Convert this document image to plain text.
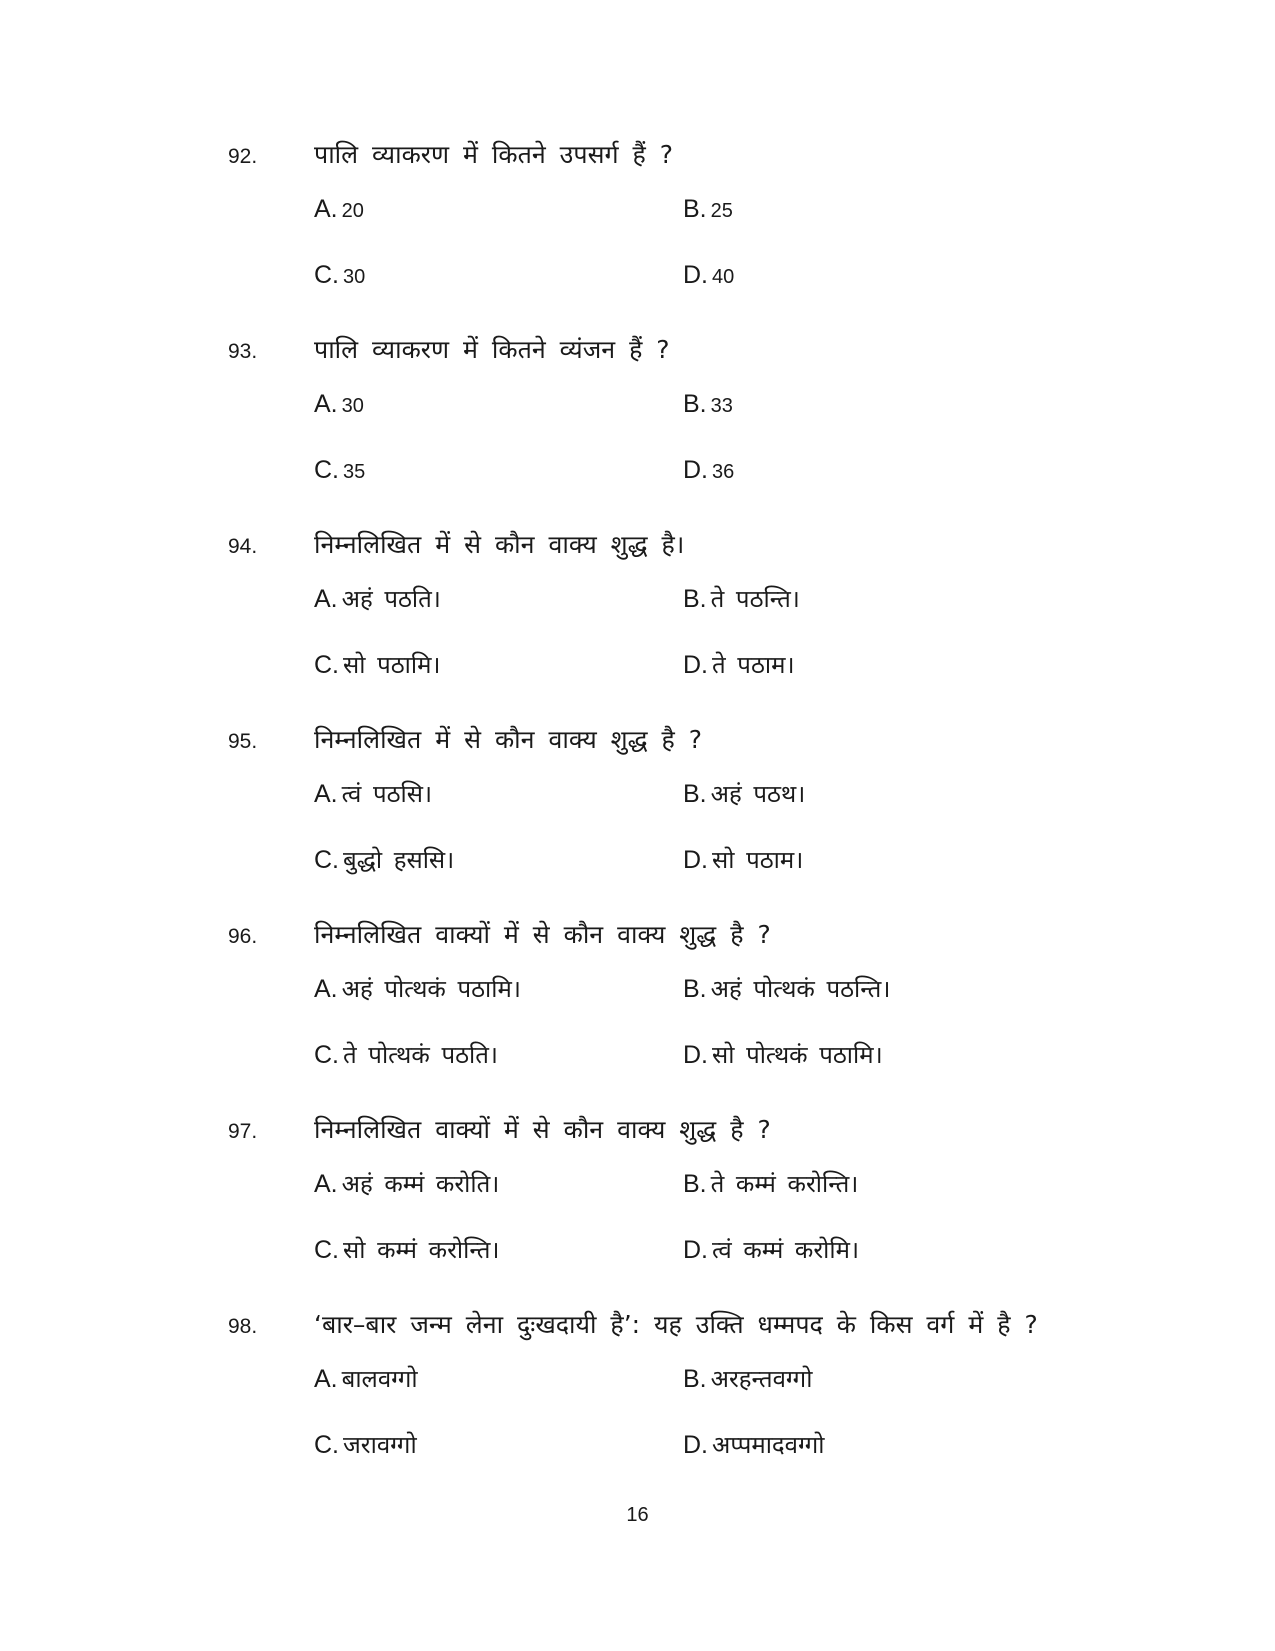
92. पालि व्याकरण में कितने उपसर्ग हैं ?
A. 20	B. 25
C. 30	D. 40
93. पालि व्याकरण में कितने व्यंजन हैं ?
A. 30	B. 33
C. 35	D. 36
94. निम्नलिखित में से कौन वाक्य शुद्ध है।
A. अहं पठति।	B. ते पठन्ति।
C. सो पठामि।	D. ते पठाम।
95. निम्नलिखित में से कौन वाक्य शुद्ध है ?
A. त्वं पठसि।	B. अहं पठथ।
C. बुद्धो हससि।	D. सो पठाम।
96. निम्नलिखित वाक्यों में से कौन वाक्य शुद्ध है ?
A. अहं पोत्थकं पठामि।	B. अहं पोत्थकं पठन्ति।
C. ते पोत्थकं पठति।	D. सो पोत्थकं पठामि।
97. निम्नलिखित वाक्यों में से कौन वाक्य शुद्ध है ?
A. अहं कम्मं करोति।	B. ते कम्मं करोन्ति।
C. सो कम्मं करोन्ति।	D. त्वं कम्मं करोमि।
98. ‘बार–बार जन्म लेना दुःखदायी है’: यह उक्ति धम्मपद के किस वर्ग में है ?
A. बालवग्गो	B. अरहन्तवग्गो
C. जरावग्गो	D. अप्पमादवग्गो
16
